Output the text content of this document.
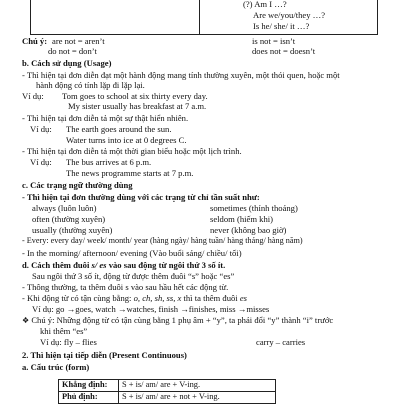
(?) Am I …?
Are we/you/they …?
Is he/ she/ it …?
Chú ý: are not = aren’t	is not = isn’t
do not = don’t	does not = doesn’t
b. Cách sử dụng (Usage)
- Thì hiện tại đơn diễn đạt một hành động mang tính thường xuyên, một thói quen, hoặc một
hành động có tính lặp đi lặp lại.
Ví dụ: Tom goes to school at six thirty every day.
My sister usually has breakfast at 7 a.m.
- Thì hiện tại đơn diễn tả một sự thật hiển nhiên.
Ví dụ: The earth goes around the sun.
Water turns into ice at 0 degrees C.
- Thì hiện tại đơn diễn tả một thời gian biểu hoặc một lịch trình.
Ví dụ: The bus arrives at 6 p.m.
The news programme starts at 7 p.m.
c. Các trạng ngữ thường dùng
- Thì hiện tại đơn thường dùng với các trạng từ chỉ tần suất như:
always (luôn luôn)	sometimes (thỉnh thoảng)
often (thường xuyên)	seldom (hiếm khi)
usually (thường xuyên)	never (không bao giờ)
- Every: every day/ week/ month/ year (hàng ngày/ hàng tuần/ hàng tháng/ hàng năm)
- In the morning/ afternoon/ evening (Vào buổi sáng/ chiều/ tối)
d. Cách thêm đuôi s/ es vào sau động từ ngôi thứ 3 số ít.
Sau ngôi thứ 3 số ít, động từ được thêm đuôi “s” hoặc “es”
- Thông thường, ta thêm đuôi s vào sau hầu hết các động từ.
- Khi động từ có tận cùng bằng: o, ch, sh, ss, x thì ta thêm đuôi es
Ví dụ: go →goes, watch →watches, finish →finishes, miss →misses
❖ Chú ý: Những động từ có tận cùng bằng 1 phụ âm + “y”, ta phải đổi “y” thành “i” trước
khi thêm “es”
Ví dụ: fly – flies	carry – carries
2. Thì hiện tại tiếp diễn (Present Continuous)
a. Cấu trúc (form)
Khẳng định:	S + is/ am/ are + V-ing.
Phủ định:	S + is/ am/ are + not + V-ing.
